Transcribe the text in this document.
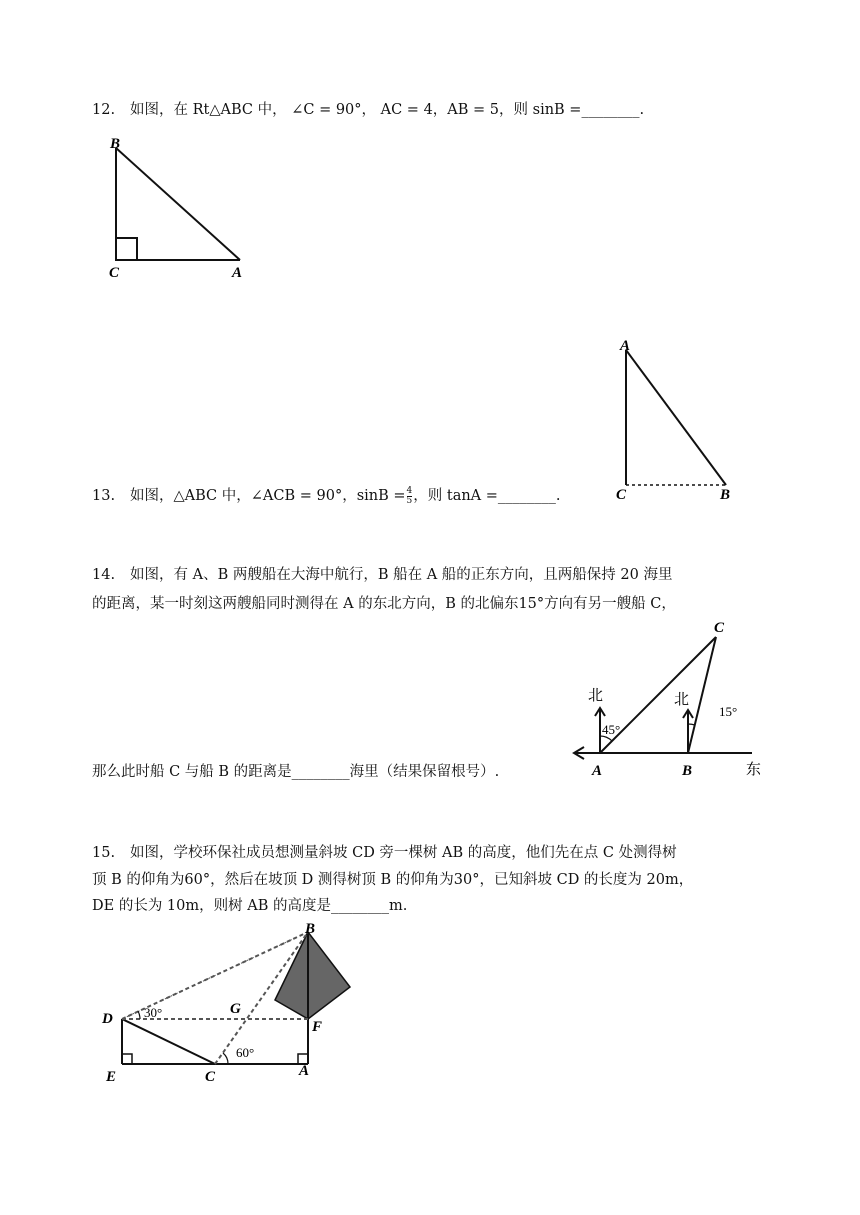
12. 如图，在 Rt△ABC 中， ∠C = 90°， AC = 4，AB = 5，则 sinB =________.
B
C	A
A
C	B
13. 如图，△ABC 中，∠ACB = 90°，$\sin B = \frac{4}{5}$ ，则 tanA =________.
14. 如图，有 A、B 两艘船在大海中航行，B 船在 A 船的正东方向，且两船保持 20 海里
的距离，某一时刻这两艘船同时测得在 A 的东北方向，B 的北偏东15°方向有另一艘船 C，
北	北
45°
15°
A	B
C
东
那么此时船 C 与船 B 的距离是________海里（结果保留根号）.
15. 如图，学校环保社成员想测量斜坡 CD 旁一棵树 AB 的高度，他们先在点 C 处测得树
顶 B 的仰角为60°，然后在坡顶 D 测得树顶 B 的仰角为30°，已知斜坡 CD 的长度为 20m，
DE 的长为 10m，则树 AB 的高度是________m.
B
D
G
F
E	C	A
30°
60°
